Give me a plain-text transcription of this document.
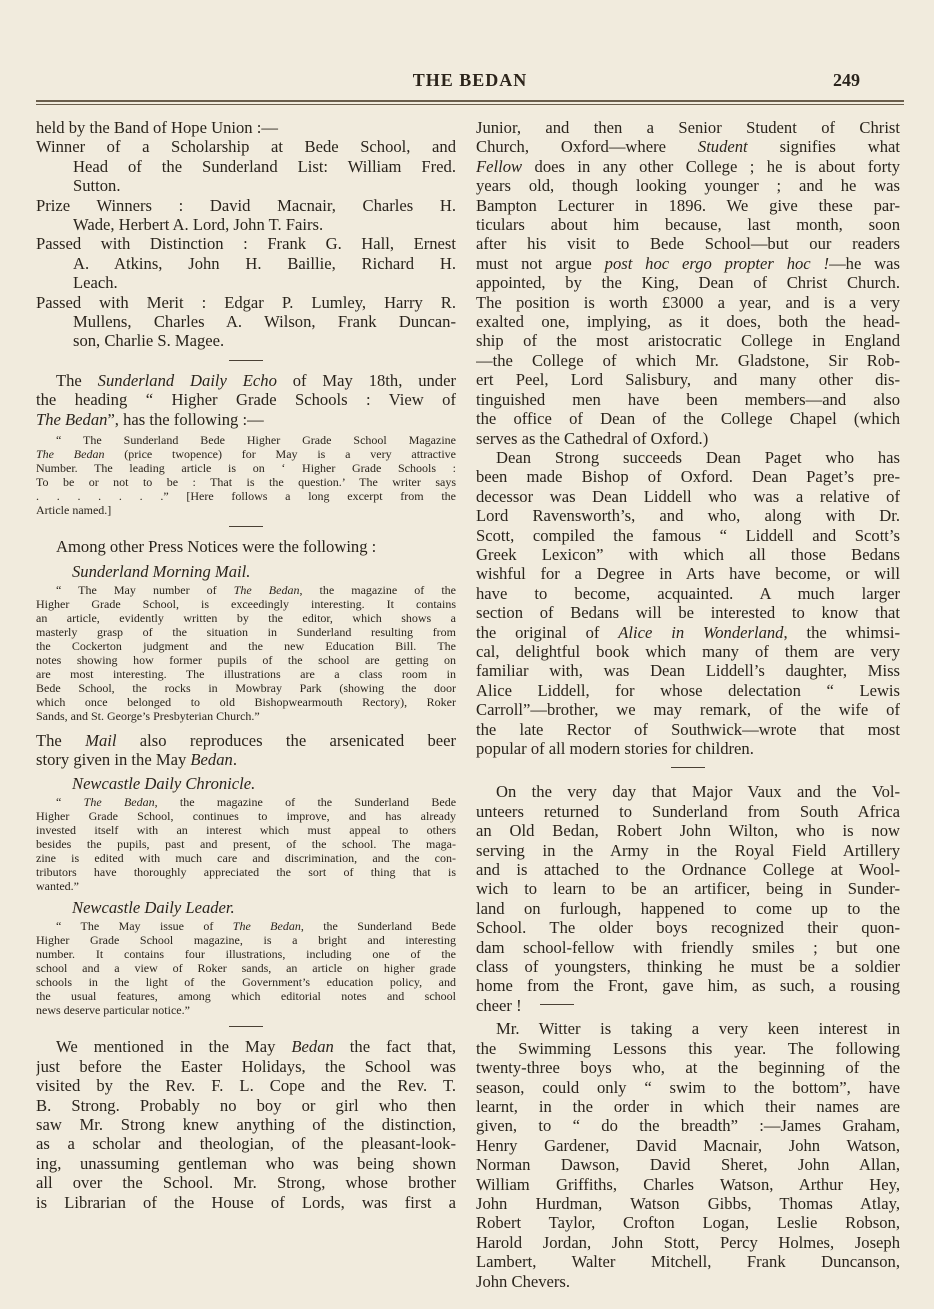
THE BEDAN	249
held by the Band of Hope Union :—
Winner of a Scholarship at Bede School, and
Head of the Sunderland List: William Fred.
Sutton.
Prize Winners : David Macnair, Charles H.
Wade, Herbert A. Lord, John T. Fairs.
Passed with Distinction : Frank G. Hall, Ernest
A. Atkins, John H. Baillie, Richard H.
Leach.
Passed with Merit : Edgar P. Lumley, Harry R.
Mullens, Charles A. Wilson, Frank Duncan-
son, Charlie S. Magee.
The Sunderland Daily Echo of May 18th, under
the heading “ Higher Grade Schools : View of
The Bedan”, has the following :—
“ The Sunderland Bede Higher Grade School Magazine
The Bedan (price twopence) for May is a very attractive
Number. The leading article is on ‘ Higher Grade Schools :
To be or not to be : That is the question.’ The writer says
. . . . . . .” [Here follows a long excerpt from the
Article named.]
Among other Press Notices were the following :
Sunderland Morning Mail.
“ The May number of The Bedan, the magazine of the
Higher Grade School, is exceedingly interesting. It contains
an article, evidently written by the editor, which shows a
masterly grasp of the situation in Sunderland resulting from
the Cockerton judgment and the new Education Bill. The
notes showing how former pupils of the school are getting on
are most interesting. The illustrations are a class room in
Bede School, the rocks in Mowbray Park (showing the door
which once belonged to old Bishopwearmouth Rectory), Roker
Sands, and St. George’s Presbyterian Church.”
The Mail also reproduces the arsenicated beer
story given in the May Bedan.
Newcastle Daily Chronicle.
“ The Bedan, the magazine of the Sunderland Bede
Higher Grade School, continues to improve, and has already
invested itself with an interest which must appeal to others
besides the pupils, past and present, of the school. The maga-
zine is edited with much care and discrimination, and the con-
tributors have thoroughly appreciated the sort of thing that is
wanted.”
Newcastle Daily Leader.
“ The May issue of The Bedan, the Sunderland Bede
Higher Grade School magazine, is a bright and interesting
number. It contains four illustrations, including one of the
school and a view of Roker sands, an article on higher grade
schools in the light of the Government’s education policy, and
the usual features, among which editorial notes and school
news deserve particular notice.”
We mentioned in the May Bedan the fact that,
just before the Easter Holidays, the School was
visited by the Rev. F. L. Cope and the Rev. T.
B. Strong. Probably no boy or girl who then
saw Mr. Strong knew anything of the distinction,
as a scholar and theologian, of the pleasant-look-
ing, unassuming gentleman who was being shown
all over the School. Mr. Strong, whose brother
is Librarian of the House of Lords, was first a
Junior, and then a Senior Student of Christ
Church, Oxford—where Student signifies what
Fellow does in any other College ; he is about forty
years old, though looking younger ; and he was
Bampton Lecturer in 1896. We give these par-
ticulars about him because, last month, soon
after his visit to Bede School—but our readers
must not argue post hoc ergo propter hoc !—he was
appointed, by the King, Dean of Christ Church.
The position is worth £3000 a year, and is a very
exalted one, implying, as it does, both the head-
ship of the most aristocratic College in England
—the College of which Mr. Gladstone, Sir Rob-
ert Peel, Lord Salisbury, and many other dis-
tinguished men have been members—and also
the office of Dean of the College Chapel (which
serves as the Cathedral of Oxford.)
Dean Strong succeeds Dean Paget who has
been made Bishop of Oxford. Dean Paget’s pre-
decessor was Dean Liddell who was a relative of
Lord Ravensworth’s, and who, along with Dr.
Scott, compiled the famous “ Liddell and Scott’s
Greek Lexicon” with which all those Bedans
wishful for a Degree in Arts have become, or will
have to become, acquainted. A much larger
section of Bedans will be interested to know that
the original of Alice in Wonderland, the whimsi-
cal, delightful book which many of them are very
familiar with, was Dean Liddell’s daughter, Miss
Alice Liddell, for whose delectation “ Lewis
Carroll”—brother, we may remark, of the wife of
the late Rector of Southwick—wrote that most
popular of all modern stories for children.
On the very day that Major Vaux and the Vol-
unteers returned to Sunderland from South Africa
an Old Bedan, Robert John Wilton, who is now
serving in the Army in the Royal Field Artillery
and is attached to the Ordnance College at Wool-
wich to learn to be an artificer, being in Sunder-
land on furlough, happened to come up to the
School. The older boys recognized their quon-
dam school-fellow with friendly smiles ; but one
class of youngsters, thinking he must be a soldier
home from the Front, gave him, as such, a rousing
cheer !
Mr. Witter is taking a very keen interest in
the Swimming Lessons this year. The following
twenty-three boys who, at the beginning of the
season, could only “ swim to the bottom”, have
learnt, in the order in which their names are
given, to “ do the breadth” :—James Graham,
Henry Gardener, David Macnair, John Watson,
Norman Dawson, David Sheret, John Allan,
William Griffiths, Charles Watson, Arthur Hey,
John Hurdman, Watson Gibbs, Thomas Atlay,
Robert Taylor, Crofton Logan, Leslie Robson,
Harold Jordan, John Stott, Percy Holmes, Joseph
Lambert, Walter Mitchell, Frank Duncanson,
John Chevers.
